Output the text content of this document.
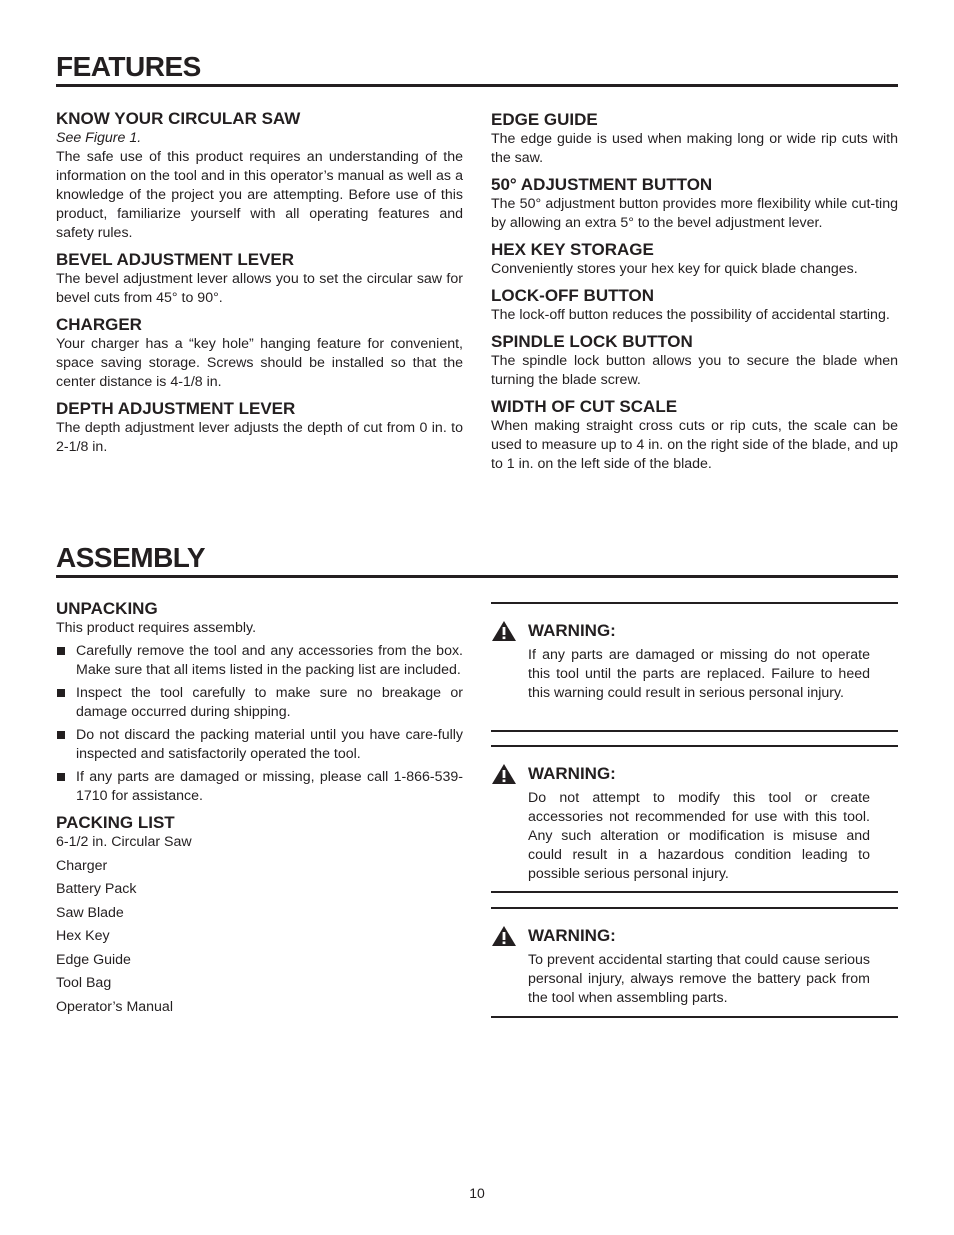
FEATURES
KNOW YOUR CIRCULAR SAW

See Figure 1.

The safe use of this product requires an understanding of the information on the tool and in this operator’s manual as well as a knowledge of the project you are attempting. Before use of this product, familiarize yourself with all operating features and safety rules.

BEVEL ADJUSTMENT LEVER

The bevel adjustment lever allows you to set the circular saw for bevel cuts from 45° to 90°.

CHARGER

Your charger has a “key hole” hanging feature for convenient, space saving storage. Screws should be installed so that the center distance is 4-1/8 in.

DEPTH ADJUSTMENT LEVER

The depth adjustment lever adjusts the depth of cut from 0 in. to 2-1/8 in.

EDGE GUIDE

The edge guide is used when making long or wide rip cuts with the saw.

50° ADJUSTMENT BUTTON

The 50° adjustment button provides more flexibility while cut-ting by allowing an extra 5° to the bevel adjustment lever.

HEX KEY STORAGE

Conveniently stores your hex key for quick blade changes.

LOCK-OFF BUTTON

The lock-off button reduces the possibility of accidental starting.

SPINDLE LOCK BUTTON

The spindle lock button allows you to secure the blade when turning the blade screw.

WIDTH OF CUT SCALE

When making straight cross cuts or rip cuts, the scale can be used to measure up to 4 in. on the right side of the blade, and up to 1 in. on the left side of the blade.

ASSEMBLY
UNPACKING

This product requires assembly.

Carefully remove the tool and any accessories from the box. Make sure that all items listed in the packing list are included.
Inspect the tool carefully to make sure no breakage or damage occurred during shipping.
Do not discard the packing material until you have care-fully inspected and satisfactorily operated the tool.
If any parts are damaged or missing, please call 1-866-539-1710 for assistance.
PACKING LIST
6-1/2 in. Circular Saw
Charger
Battery Pack
Saw Blade
Hex Key
Edge Guide
Tool Bag
Operator’s Manual
WARNING:
If any parts are damaged or missing do not operate this tool until the parts are replaced. Failure to heed this warning could result in serious personal injury.
WARNING:
Do not attempt to modify this tool or create accessories not recommended for use with this tool. Any such alteration or modification is misuse and could result in a hazardous condition leading to possible serious personal injury.
WARNING:
To prevent accidental starting that could cause serious personal injury, always remove the battery pack from the tool when assembling parts.
10
